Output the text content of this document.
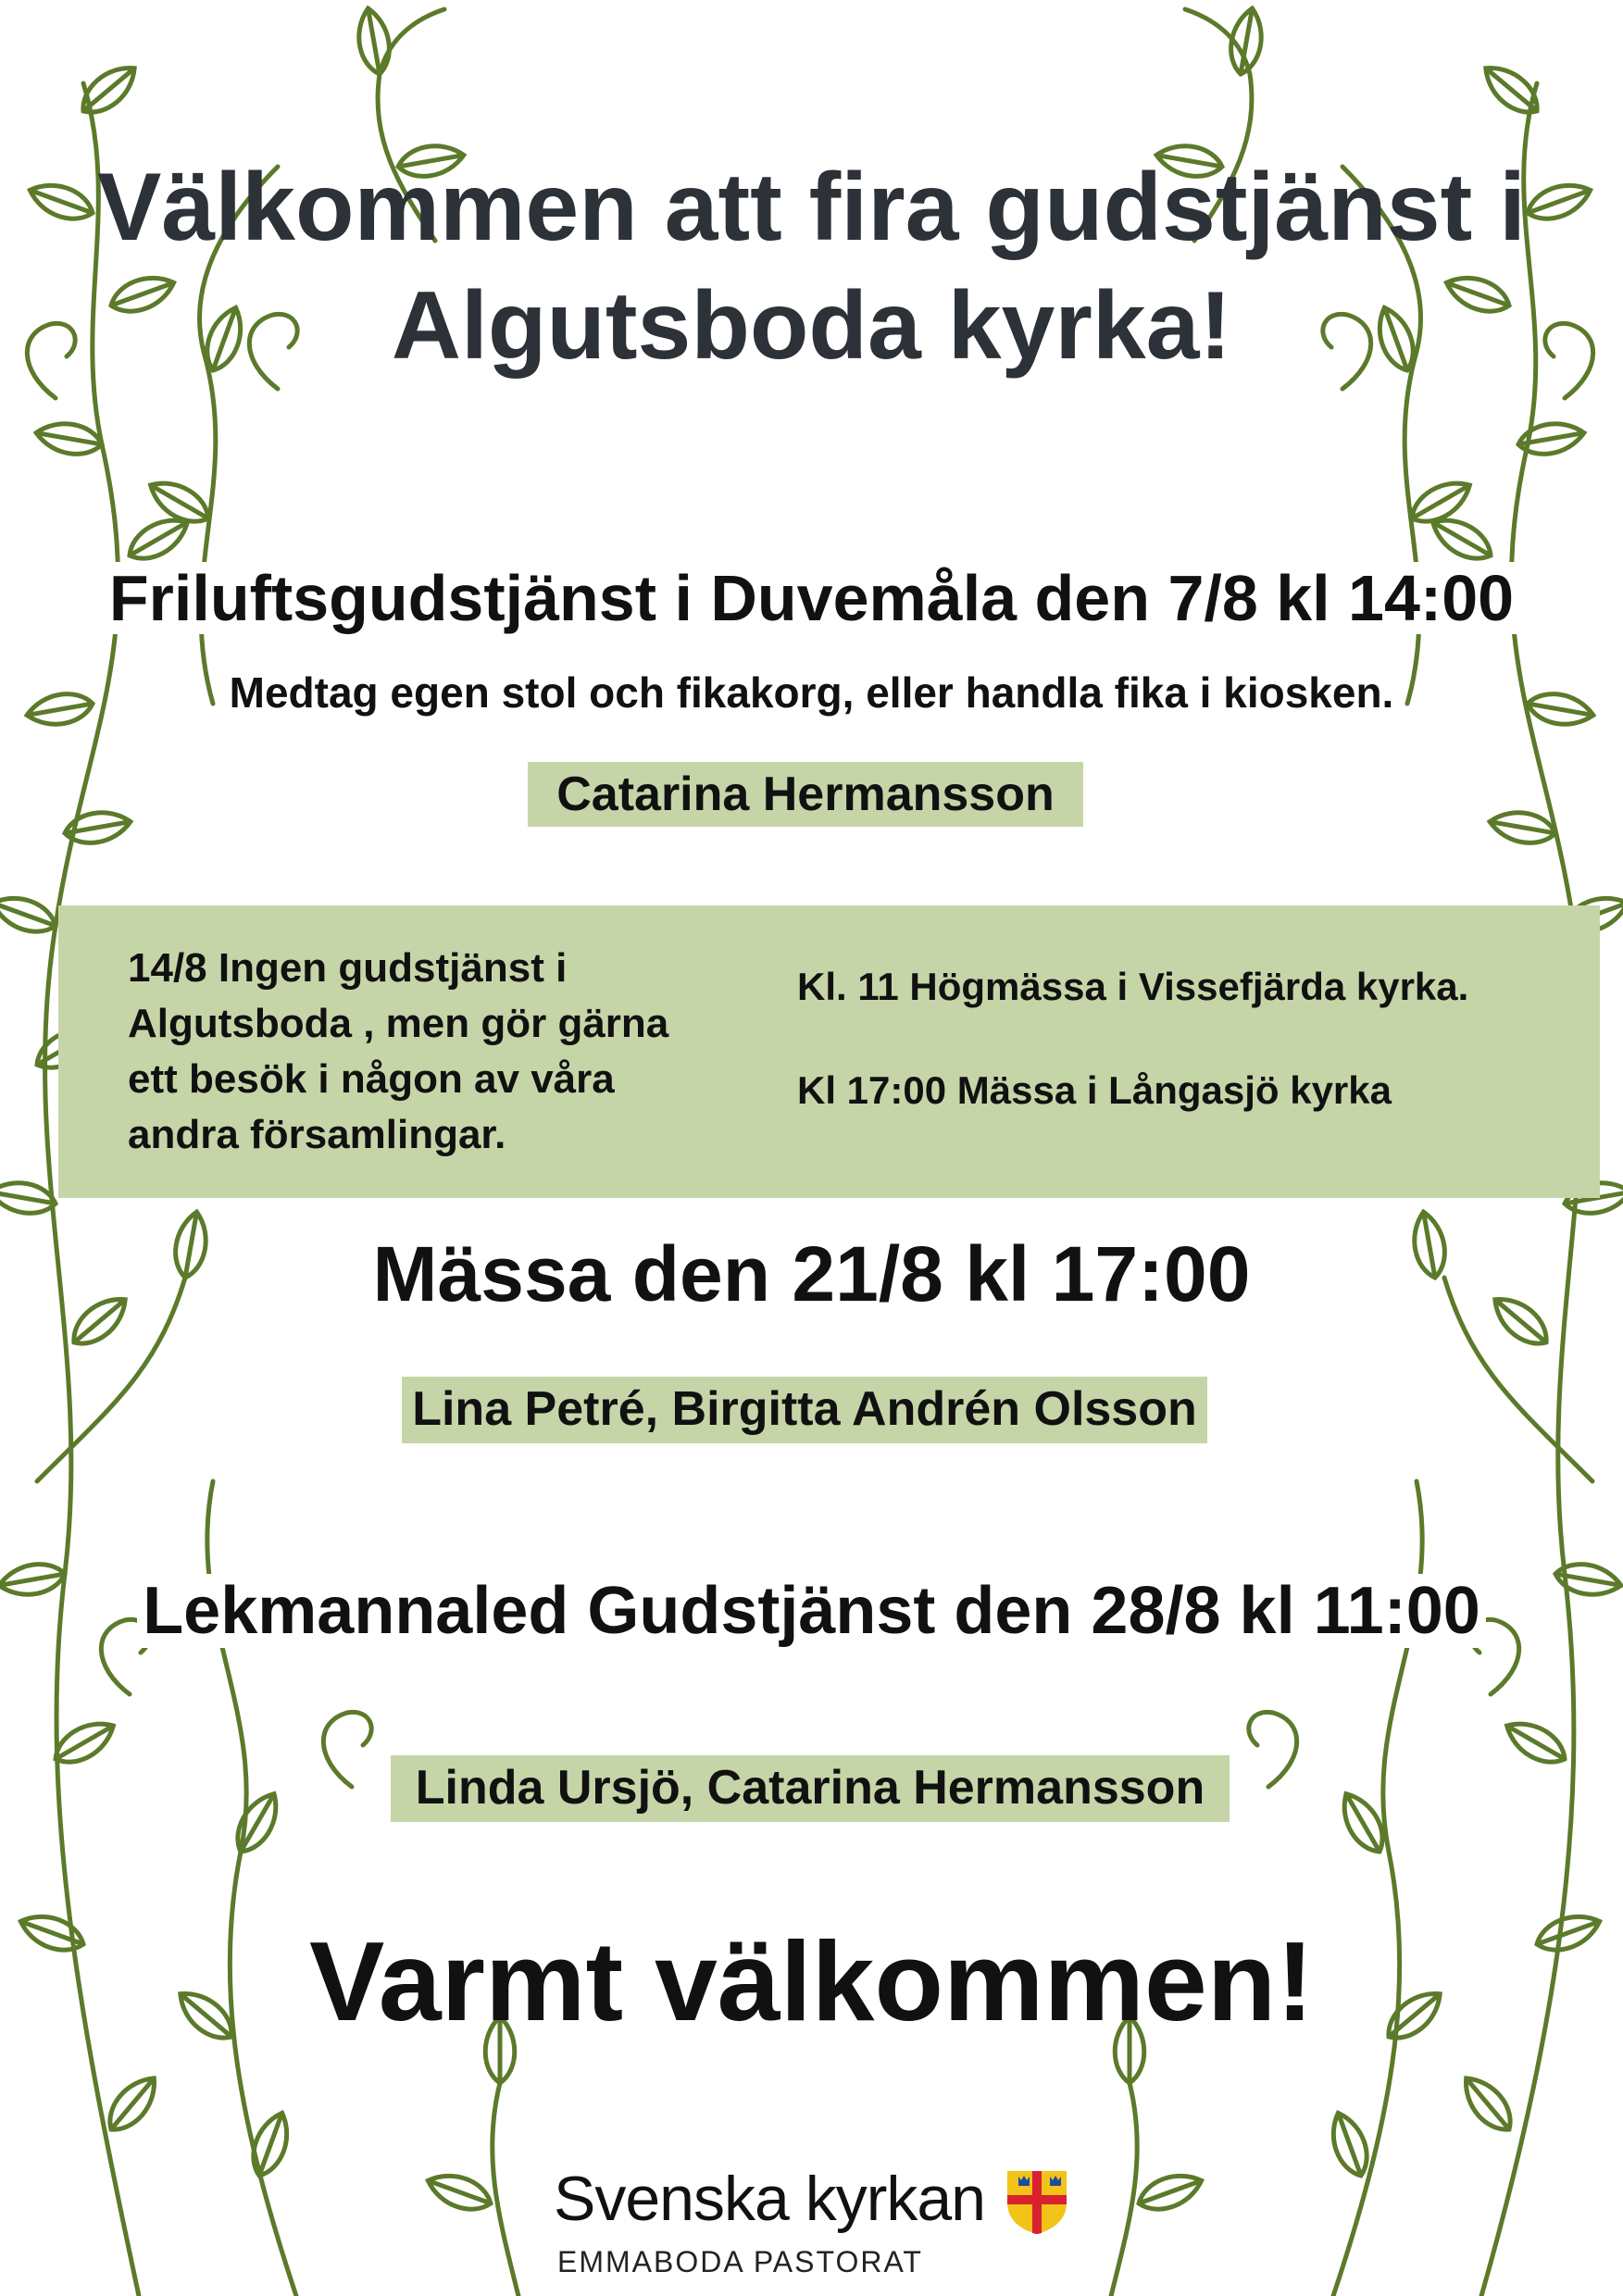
Välkommen att fira gudstjänst i
Algutsboda kyrka!
Friluftsgudstjänst i Duvemåla den 7/8 kl 14:00
Medtag egen stol och fikakorg, eller handla fika i kiosken.
Catarina Hermansson
14/8 Ingen gudstjänst i Algutsboda , men gör gärna ett besök i någon av våra andra församlingar.
Kl. 11 Högmässa i Vissefjärda kyrka.
Kl 17:00 Mässa i Långasjö kyrka
Mässa den 21/8 kl 17:00
Lina Petré, Birgitta Andrén Olsson
Lekmannaled Gudstjänst den 28/8 kl 11:00
Linda Ursjö, Catarina Hermansson
Varmt välkommen!
Svenska kyrkan
EMMABODA PASTORAT
